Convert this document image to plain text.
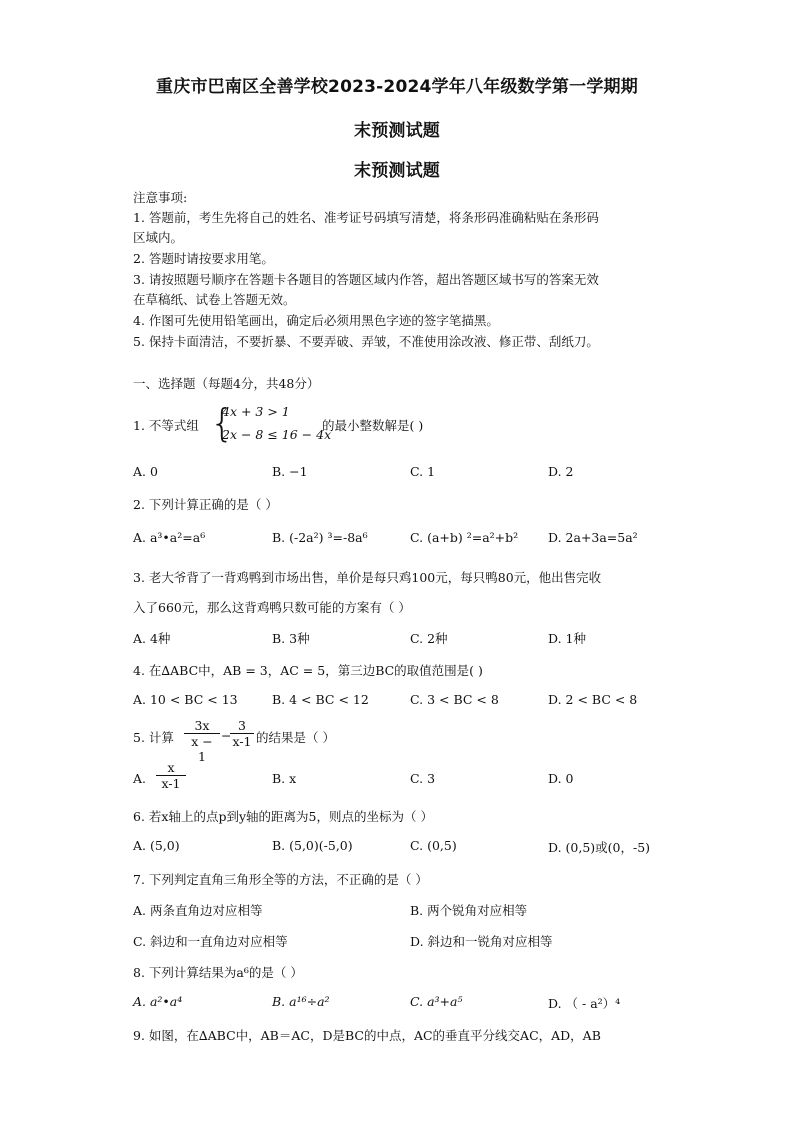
重庆市巴南区全善学校2023-2024学年八年级数学第一学期期
末预测试题
末预测试题
注意事项:
1. 答题前，考生先将自己的姓名、准考证号码填写清楚，将条形码准确粘贴在条形码
区域内。
2. 答题时请按要求用笔。
3. 请按照题号顺序在答题卡各题目的答题区域内作答，超出答题区域书写的答案无效
在草稿纸、试卷上答题无效。
4. 作图可先使用铅笔画出，确定后必须用黑色字迹的签字笔描黑。
5. 保持卡面清洁，不要折暴、不要弄破、弄皱，不准使用涂改液、修正带、刮纸刀。
一、选择题（每题4分，共48分）
1. 不等式组 {
4x + 3 > 1
2x − 8 ≤ 16 − 4x
的最小整数解是( )
A. 0	B. −1	C. 1	D. 2
2. 下列计算正确的是（ ）
A. a³•a²=a⁶	B. (-2a²) ³=-8a⁶	C. (a+b) ²=a²+b² D. 2a+3a=5a²
3. 老大爷背了一背鸡鸭到市场出售，单价是每只鸡100元，每只鸭80元，他出售完收
入了660元，那么这背鸡鸭只数可能的方案有（ ）
A. 4种	B. 3种	C. 2种	D. 1种
4. 在∆ABC中，AB = 3，AC = 5，第三边BC的取值范围是( )
A. 10 < BC < 13	B. 4 < BC < 12	C. 3 < BC < 8	D. 2 < BC < 8
5. 计算 $\frac{3x}{x - 1}$ −
$\frac{3}{x-1}$ 的结果是（ ）
A. $\frac{x}{x-1}$	B. x	C. 3	D. 0
6. 若x轴上的点p到y轴的距离为5，则点的坐标为（ ）
A. (5,0)	B. (5,0)(-5,0)	C. (0,5)	D. (0,5)或(0，-5)
7. 下列判定直角三角形全等的方法，不正确的是（ ）
A. 两条直角边对应相等	B. 两个锐角对应相等
C. 斜边和一直角边对应相等	D. 斜边和一锐角对应相等
8. 下列计算结果为a⁶的是（ ）
A. a²•a⁴	B. a¹⁶÷a²	C. a³+a⁵	D. （ - a²）⁴
9. 如图，在∆ABC中，AB＝AC，D是BC的中点，AC的垂直平分线交AC，AD，AB
